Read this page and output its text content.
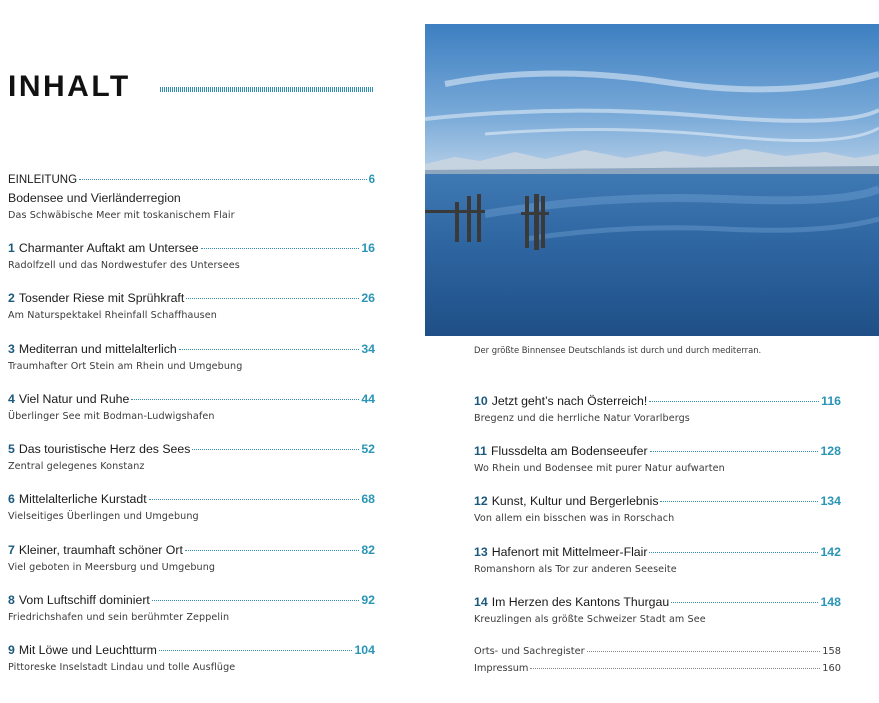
INHALT
EINLEITUNG	6
Bodensee und Vierländerregion
Das Schwäbische Meer mit toskanischem Flair
1 Charmanter Auftakt am Untersee	16
Radolfzell und das Nordwestufer des Untersees
2 Tosender Riese mit Sprühkraft	26
Am Naturspektakel Rheinfall Schaffhausen
3 Mediterran und mittelalterlich	34
Traumhafter Ort Stein am Rhein und Umgebung
4 Viel Natur und Ruhe	44
Überlinger See mit Bodman-Ludwigshafen
5 Das touristische Herz des Sees	52
Zentral gelegenes Konstanz
6 Mittelalterliche Kurstadt	68
Vielseitiges Überlingen und Umgebung
7 Kleiner, traumhaft schöner Ort	82
Viel geboten in Meersburg und Umgebung
8 Vom Luftschiff dominiert	92
Friedrichshafen und sein berühmter Zeppelin
9 Mit Löwe und Leuchtturm	104
Pittoreske Inselstadt Lindau und tolle Ausflüge
Der größte Binnensee Deutschlands ist durch und durch mediterran.
10 Jetzt geht’s nach Österreich!	116
Bregenz und die herrliche Natur Vorarlbergs
11 Flussdelta am Bodenseeufer	128
Wo Rhein und Bodensee mit purer Natur aufwarten
12 Kunst, Kultur und Bergerlebnis	134
Von allem ein bisschen was in Rorschach
13 Hafenort mit Mittelmeer-Flair	142
Romanshorn als Tor zur anderen Seeseite
14 Im Herzen des Kantons Thurgau	148
Kreuzlingen als größte Schweizer Stadt am See
Orts- und Sachregister	158
Impressum	160
